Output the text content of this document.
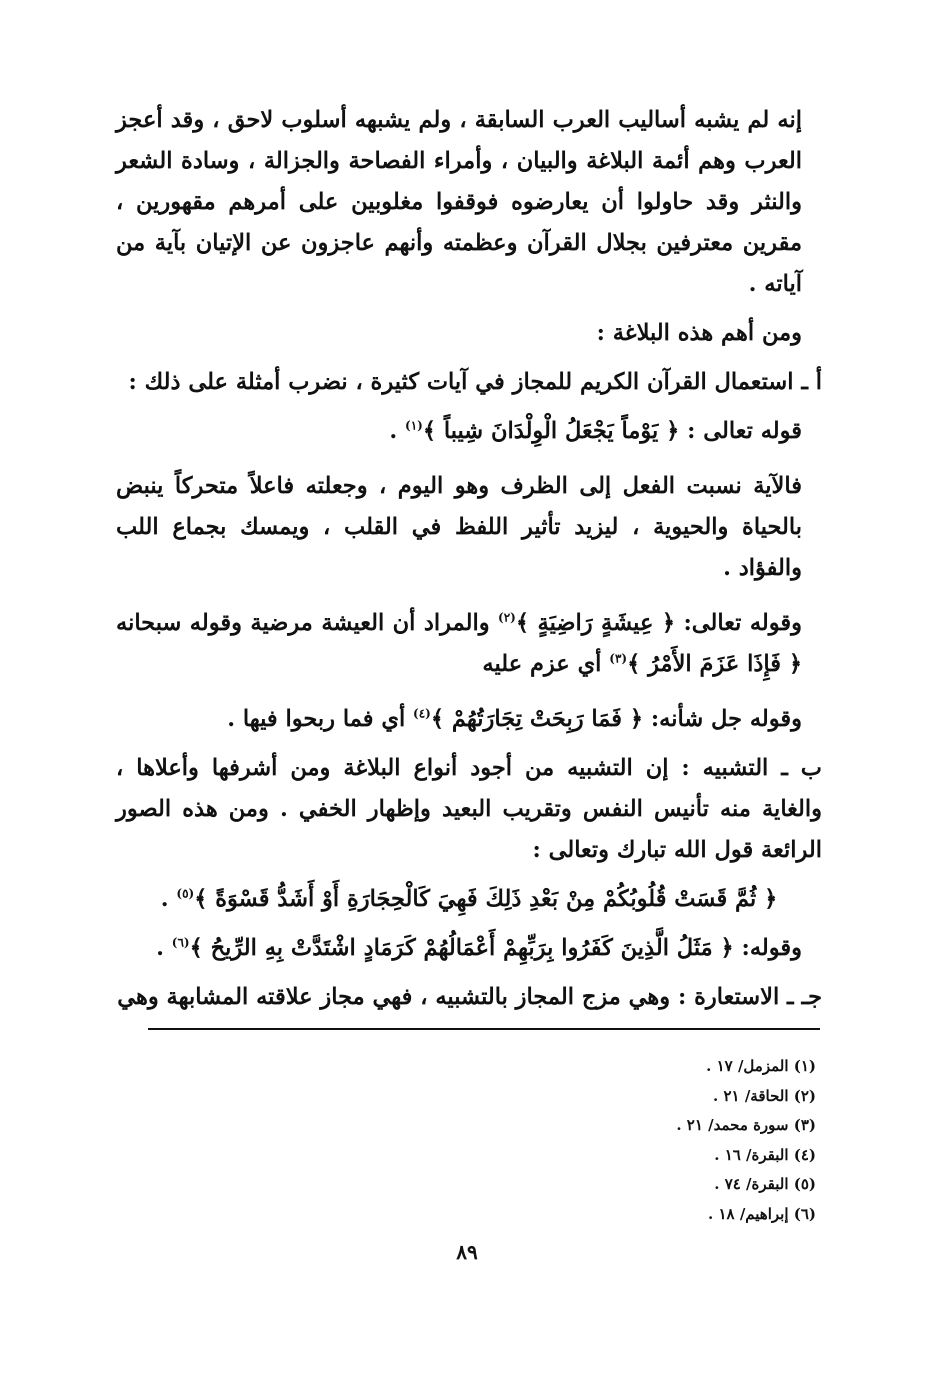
إنه لم يشبه أساليب العرب السابقة ، ولم يشبهه أسلوب لاحق ، وقد أعجز العرب وهم أئمة البلاغة والبيان ، وأمراء الفصاحة والجزالة ، وسادة الشعر والنثر وقد حاولوا أن يعارضوه فوقفوا مغلوبين على أمرهم مقهورين ، مقرين معترفين بجلال القرآن وعظمته وأنهم عاجزون عن الإتيان بآية من آياته .

ومن أهم هذه البلاغة :

أ ـ استعمال القرآن الكريم للمجاز في آيات كثيرة ، نضرب أمثلة على ذلك :

قوله تعالى : ﴿ يَوْماً يَجْعَلُ الْوِلْدَانَ شِيباً ﴾$^{(١)}$ .

فالآية نسبت الفعل إلى الظرف وهو اليوم ، وجعلته فاعلاً متحركاً ينبض بالحياة والحيوية ، ليزيد تأثير اللفظ في القلب ، ويمسك بجماع اللب والفؤاد .

وقوله تعالى: ﴿ عِيشَةٍ رَاضِيَةٍ ﴾$^{(٢)}$ والمراد أن العيشة مرضية وقوله سبحانه ﴿ فَإِذَا عَزَمَ الأَمْرُ ﴾$^{(٣)}$ أي عزم عليه

وقوله جل شأنه: ﴿ فَمَا رَبِحَتْ تِجَارَتُهُمْ ﴾$^{(٤)}$ أي فما ربحوا فيها .

ب ـ التشبيه : إن التشبيه من أجود أنواع البلاغة ومن أشرفها وأعلاها ، والغاية منه تأنيس النفس وتقريب البعيد وإظهار الخفي . ومن هذه الصور الرائعة قول الله تبارك وتعالى :

﴿ ثُمَّ قَسَتْ قُلُوبُكُمْ مِنْ بَعْدِ ذَلِكَ فَهِيَ كَالْحِجَارَةِ أَوْ أَشَدُّ قَسْوَةً ﴾$^{(٥)}$ .

وقوله: ﴿ مَثَلُ الَّذِينَ كَفَرُوا بِرَبِّهِمْ أَعْمَالُهُمْ كَرَمَادٍ اشْتَدَّتْ بِهِ الرِّيحُ ﴾$^{(٦)}$ .

جـ ـ الاستعارة : وهي مزج المجاز بالتشبيه ، فهي مجاز علاقته المشابهة وهي

(١) المزمل/ ١٧ .
(٢) الحاقة/ ٢١ .
(٣) سورة محمد/ ٢١ .
(٤) البقرة/ ١٦ .
(٥) البقرة/ ٧٤ .
(٦) إبراهيم/ ١٨ .
٨٩
